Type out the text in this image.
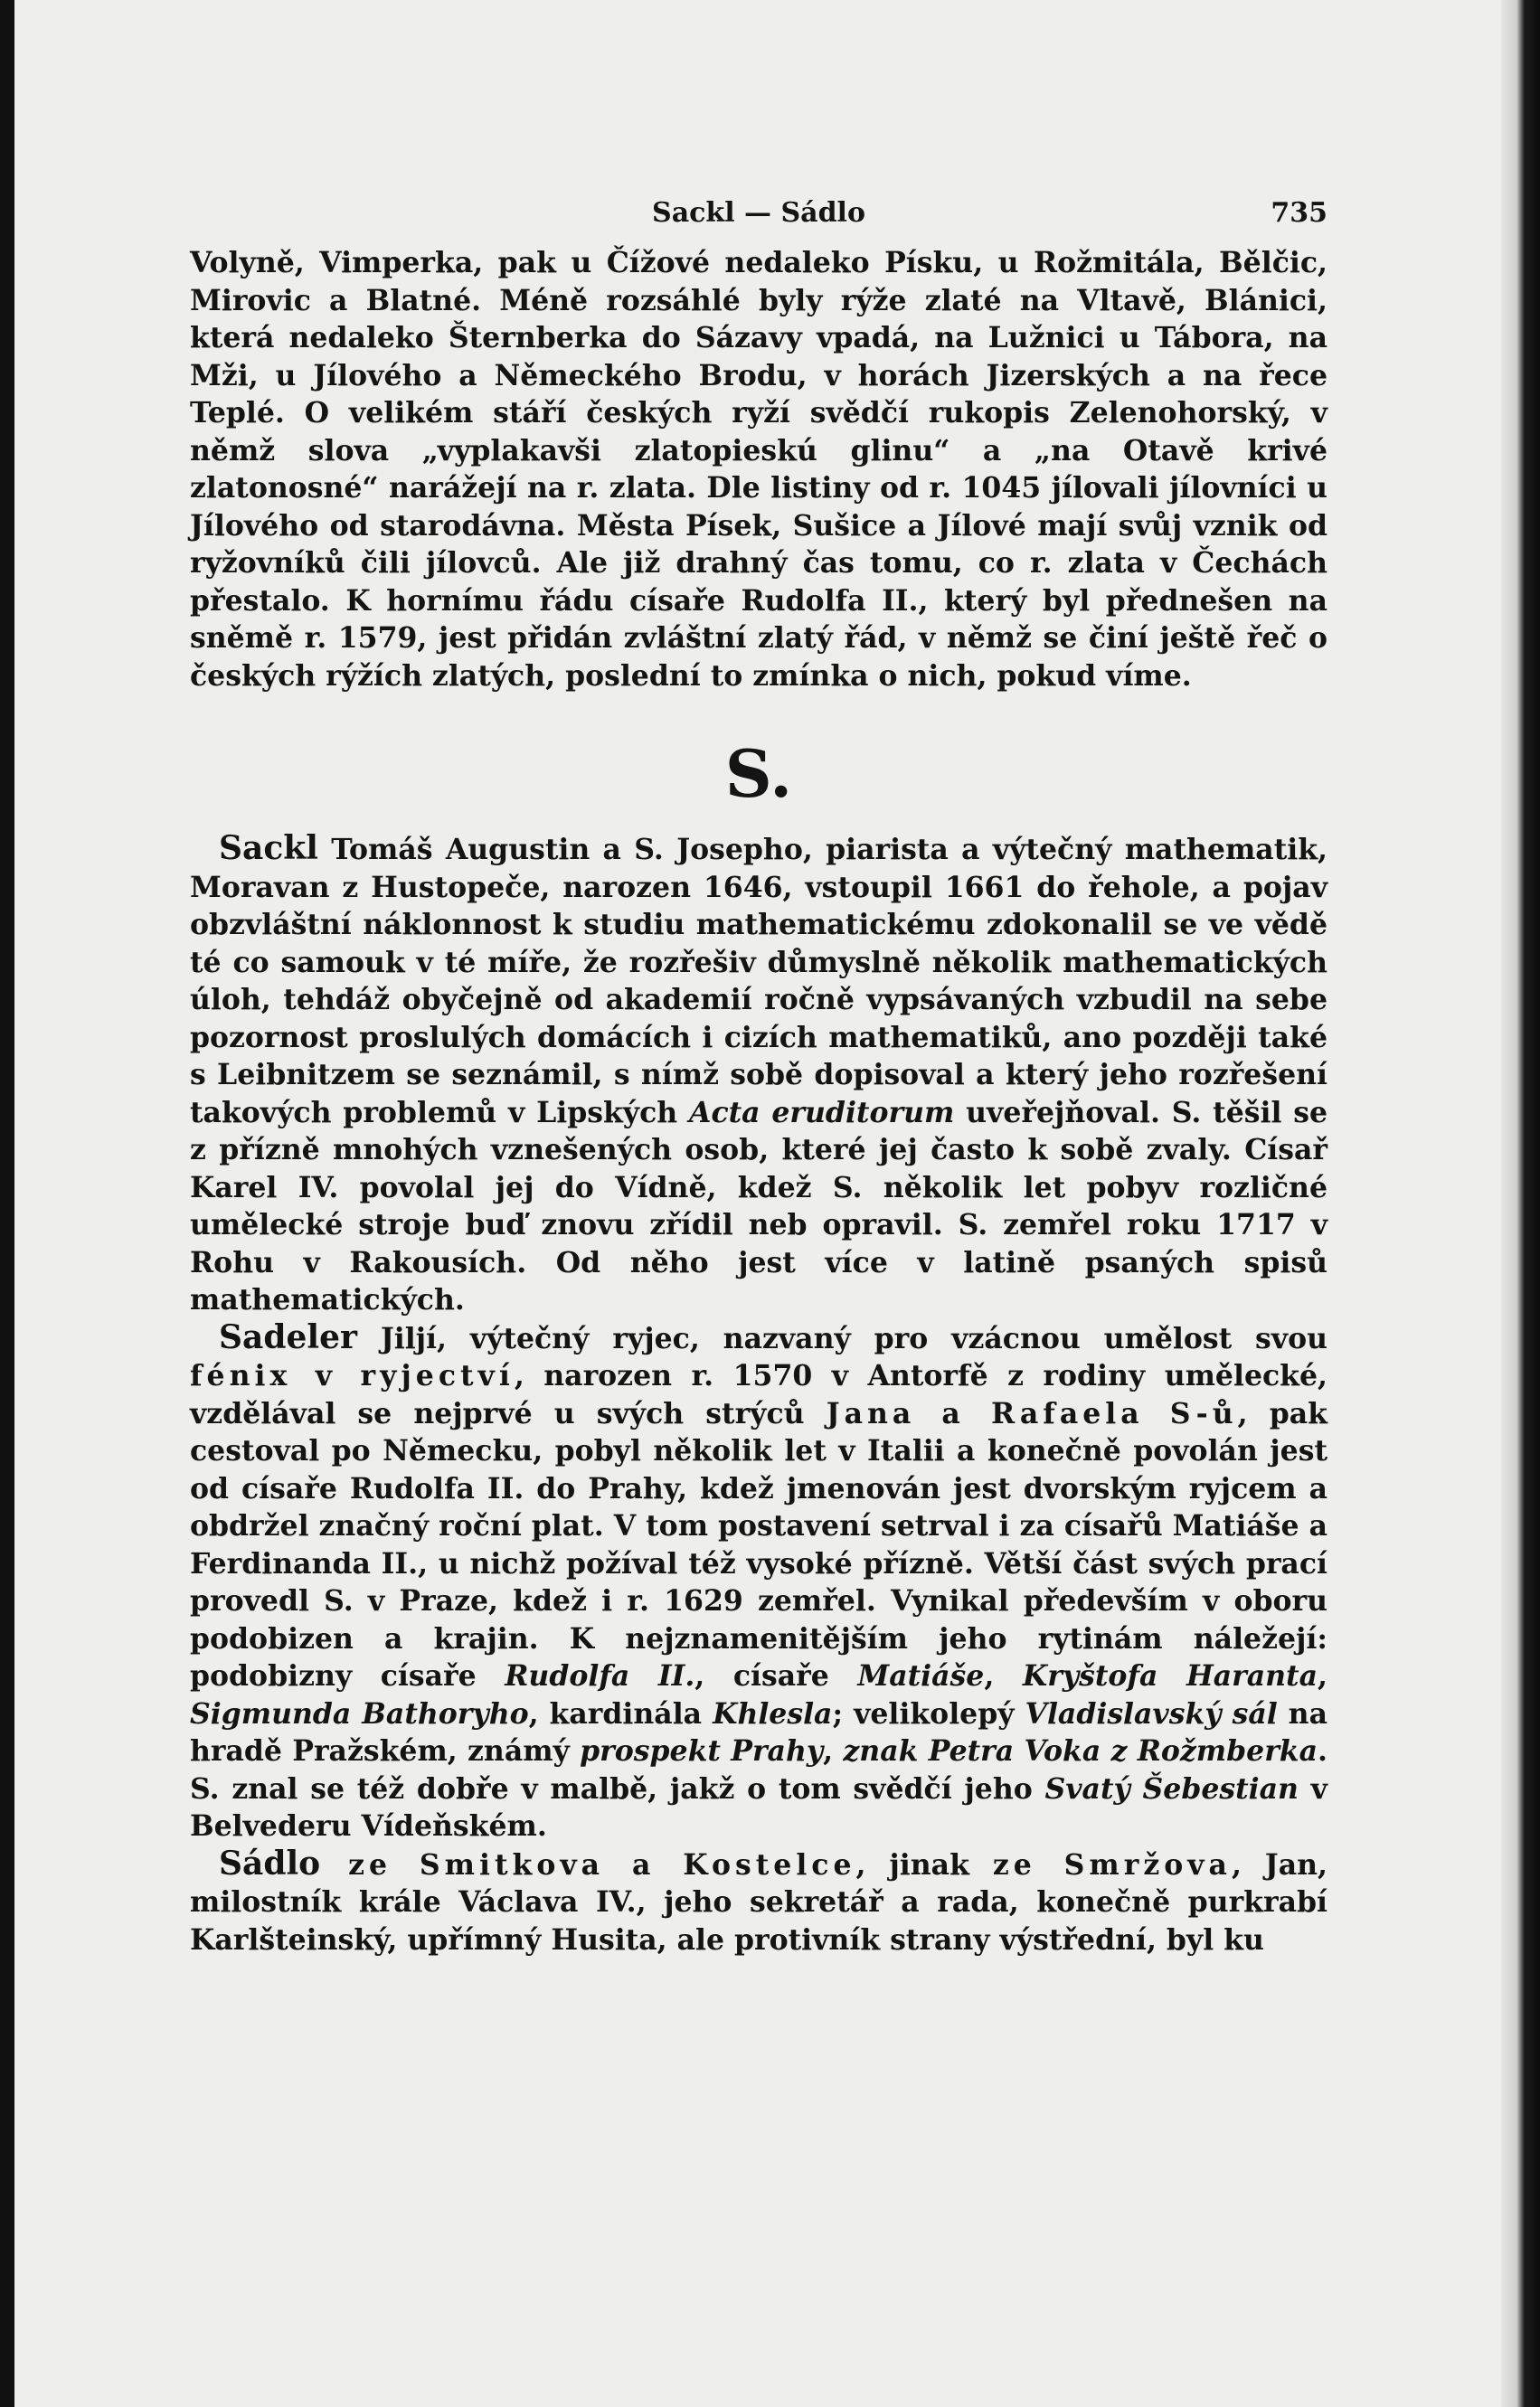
Sackl — Sádlo	735

Volyně, Vimperka, pak u Čížové nedaleko Písku, u Rožmitála, Bělčic, Mirovic a Blatné. Méně rozsáhlé byly rýže zlaté na Vltavě, Blánici, která nedaleko Šternberka do Sázavy vpadá, na Lužnici u Tábora, na Mži, u Jílového a Německého Brodu, v horách Jizerských a na řece Teplé. O velikém stáří českých ryží svědčí rukopis Zelenohorský, v němž slova „vyplakavši zlatopieskú glinu“ a „na Otavě krivé zlatonosné“ narážejí na r. zlata. Dle listiny od r. 1045 jílovali jílovníci u Jílového od starodávna. Města Písek, Sušice a Jílové mají svůj vznik od ryžovníků čili jílovců. Ale již drahný čas tomu, co r. zlata v Čechách přestalo. K hornímu řádu císaře Rudolfa II., který byl přednešen na sněmě r. 1579, jest přidán zvláštní zlatý řád, v němž se činí ještě řeč o českých rýžích zlatých, poslední to zmínka o nich, pokud víme.

S.

Sackl Tomáš Augustin a S. Josepho, piarista a výtečný mathematik, Moravan z Hustopeče, narozen 1646, vstoupil 1661 do řehole, a pojav obzvláštní náklonnost k studiu mathematickému zdokonalil se ve vědě té co samouk v té míře, že rozřešiv důmyslně několik mathematických úloh, tehdáž obyčejně od akademií ročně vypsávaných vzbudil na sebe pozornost proslulých domácích i cizích mathematiků, ano později také s Leibnitzem se seznámil, s nímž sobě dopisoval a který jeho rozřešení takových problemů v Lipských Acta eruditorum uveřejňoval. S. těšil se z přízně mnohých vznešených osob, které jej často k sobě zvaly. Císař Karel IV. povolal jej do Vídně, kdež S. několik let pobyv rozličné umělecké stroje buď znovu zřídil neb opravil. S. zemřel roku 1717 v Rohu v Rakousích. Od něho jest více v latině psaných spisů mathematických.

Sadeler Jiljí, výtečný ryjec, nazvaný pro vzácnou umělost svou fénix v ryjectví, narozen r. 1570 v Antorfě z rodiny umělecké, vzdělával se nejprvé u svých strýců Jana a Rafaela S-ů, pak cestoval po Německu, pobyl několik let v Italii a konečně povolán jest od císaře Rudolfa II. do Prahy, kdež jmenován jest dvorským ryjcem a obdržel značný roční plat. V tom postavení setrval i za císařů Matiáše a Ferdinanda II., u nichž požíval též vysoké přízně. Větší část svých prací provedl S. v Praze, kdež i r. 1629 zemřel. Vynikal především v oboru podobizen a krajin. K nejznamenitějším jeho rytinám náležejí: podobizny císaře Rudolfa II., císaře Matiáše, Kryštofa Haranta, Sigmunda Bathoryho, kardinála Khlesla; velikolepý Vladislavský sál na hradě Pražském, známý prospekt Prahy, znak Petra Voka z Rožmberka. S. znal se též dobře v malbě, jakž o tom svědčí jeho Svatý Šebestian v Belvederu Vídeňském.

Sádlo ze Smitkova a Kostelce, jinak ze Smržova, Jan, milostník krále Václava IV., jeho sekretář a rada, konečně purkrabí Karlšteinský, upřímný Husita, ale protivník strany výstřední, byl ku
